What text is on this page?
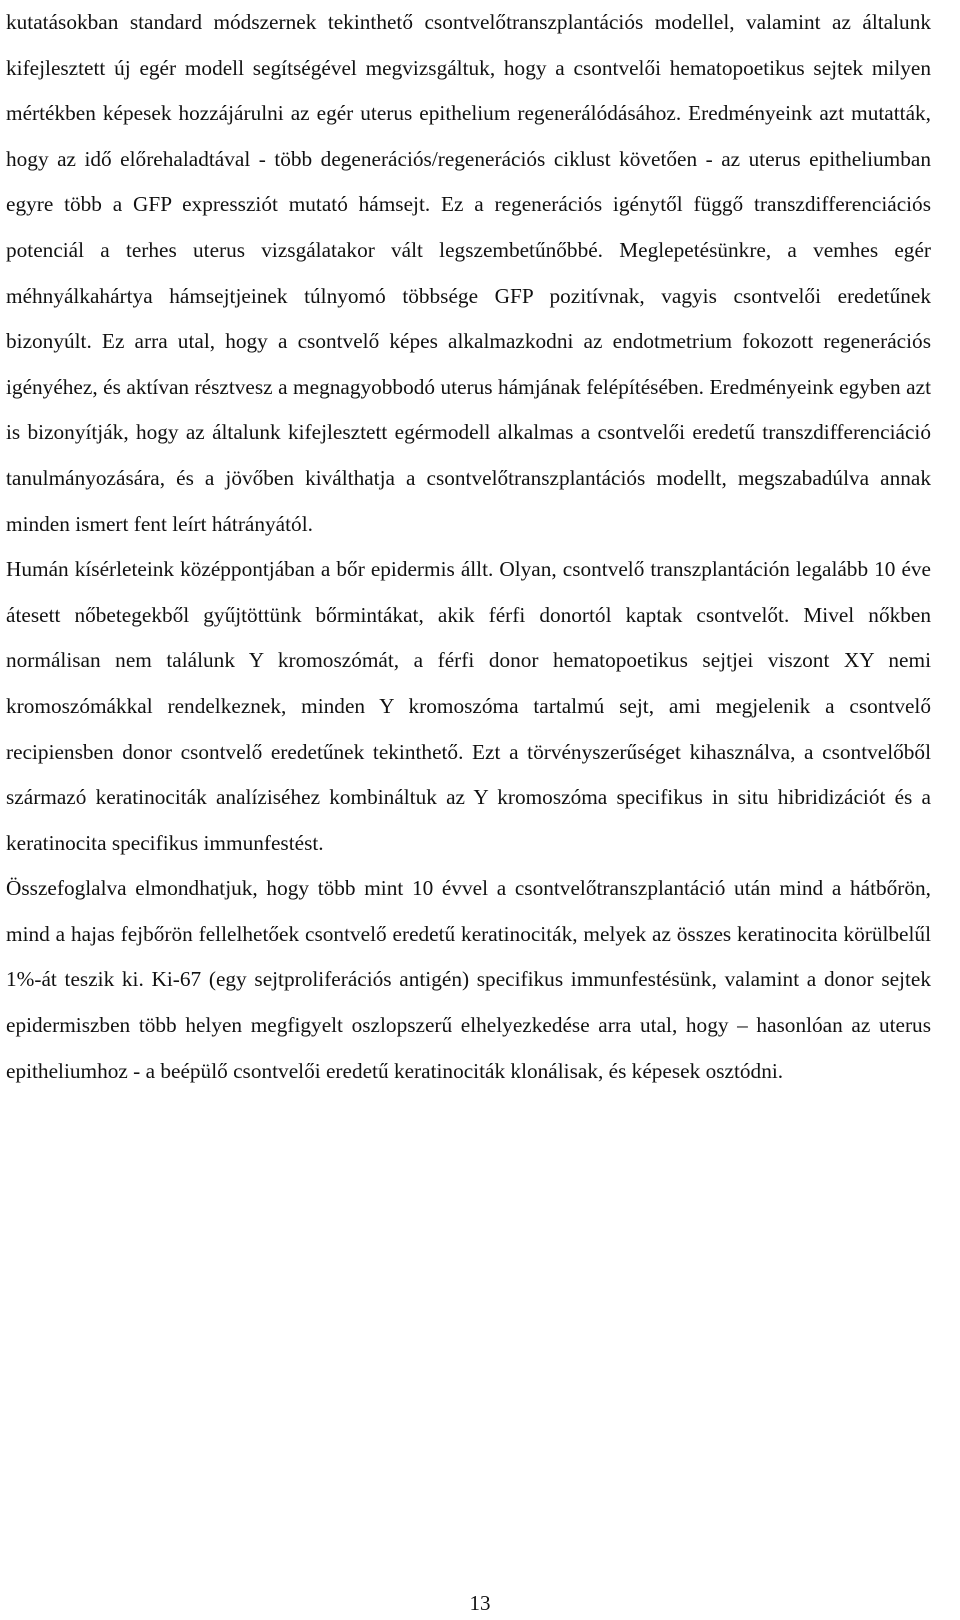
kutatásokban standard módszernek tekinthető csontvelőtranszplantációs modellel, valamint az általunk kifejlesztett új egér modell segítségével megvizsgáltuk, hogy a csontvelői hematopoetikus sejtek milyen mértékben képesek hozzájárulni az egér uterus epithelium regenerálódásához. Eredményeink azt mutatták, hogy az idő előrehaladtával - több degenerációs/regenerációs ciklust követően - az uterus epitheliumban egyre több a GFP expressziót mutató hámsejt. Ez a regenerációs igénytől függő transzdifferenciációs potenciál a terhes uterus vizsgálatakor vált legszembetűnőbbé. Meglepetésünkre, a vemhes egér méhnyálkahártya hámsejtjeinek túlnyomó többsége GFP pozitívnak, vagyis csontvelői eredetűnek bizonyúlt. Ez arra utal, hogy a csontvelő képes alkalmazkodni az endotmetrium fokozott regenerációs igényéhez, és aktívan résztvesz a megnagyobbodó uterus hámjának felépítésében. Eredményeink egyben azt is bizonyítják, hogy az általunk kifejlesztett egérmodell alkalmas a csontvelői eredetű transzdifferenciáció tanulmányozására, és a jövőben kiválthatja a csontvelőtranszplantációs modellt, megszabadúlva annak minden ismert fent leírt hátrányától.

Humán kísérleteink középpontjában a bőr epidermis állt. Olyan, csontvelő transzplantáción legalább 10 éve átesett nőbetegekből gyűjtöttünk bőrmintákat, akik férfi donortól kaptak csontvelőt. Mivel nőkben normálisan nem találunk Y kromoszómát, a férfi donor hematopoetikus sejtjei viszont XY nemi kromoszómákkal rendelkeznek, minden Y kromoszóma tartalmú sejt, ami megjelenik a csontvelő recipiensben donor csontvelő eredetűnek tekinthető. Ezt a törvényszerűséget kihasználva, a csontvelőből származó keratinociták analíziséhez kombináltuk az Y kromoszóma specifikus in situ hibridizációt és a keratinocita specifikus immunfestést.

Összefoglalva elmondhatjuk, hogy több mint 10 évvel a csontvelőtranszplantáció után mind a hátbőrön, mind a hajas fejbőrön fellelhetőek csontvelő eredetű keratinociták, melyek az összes keratinocita körülbelűl 1%-át teszik ki. Ki-67 (egy sejtproliferációs antigén) specifikus immunfestésünk, valamint a donor sejtek epidermiszben több helyen megfigyelt oszlopszerű elhelyezkedése arra utal, hogy – hasonlóan az uterus epitheliumhoz - a beépülő csontvelői eredetű keratinociták klonálisak, és képesek osztódni.

13
